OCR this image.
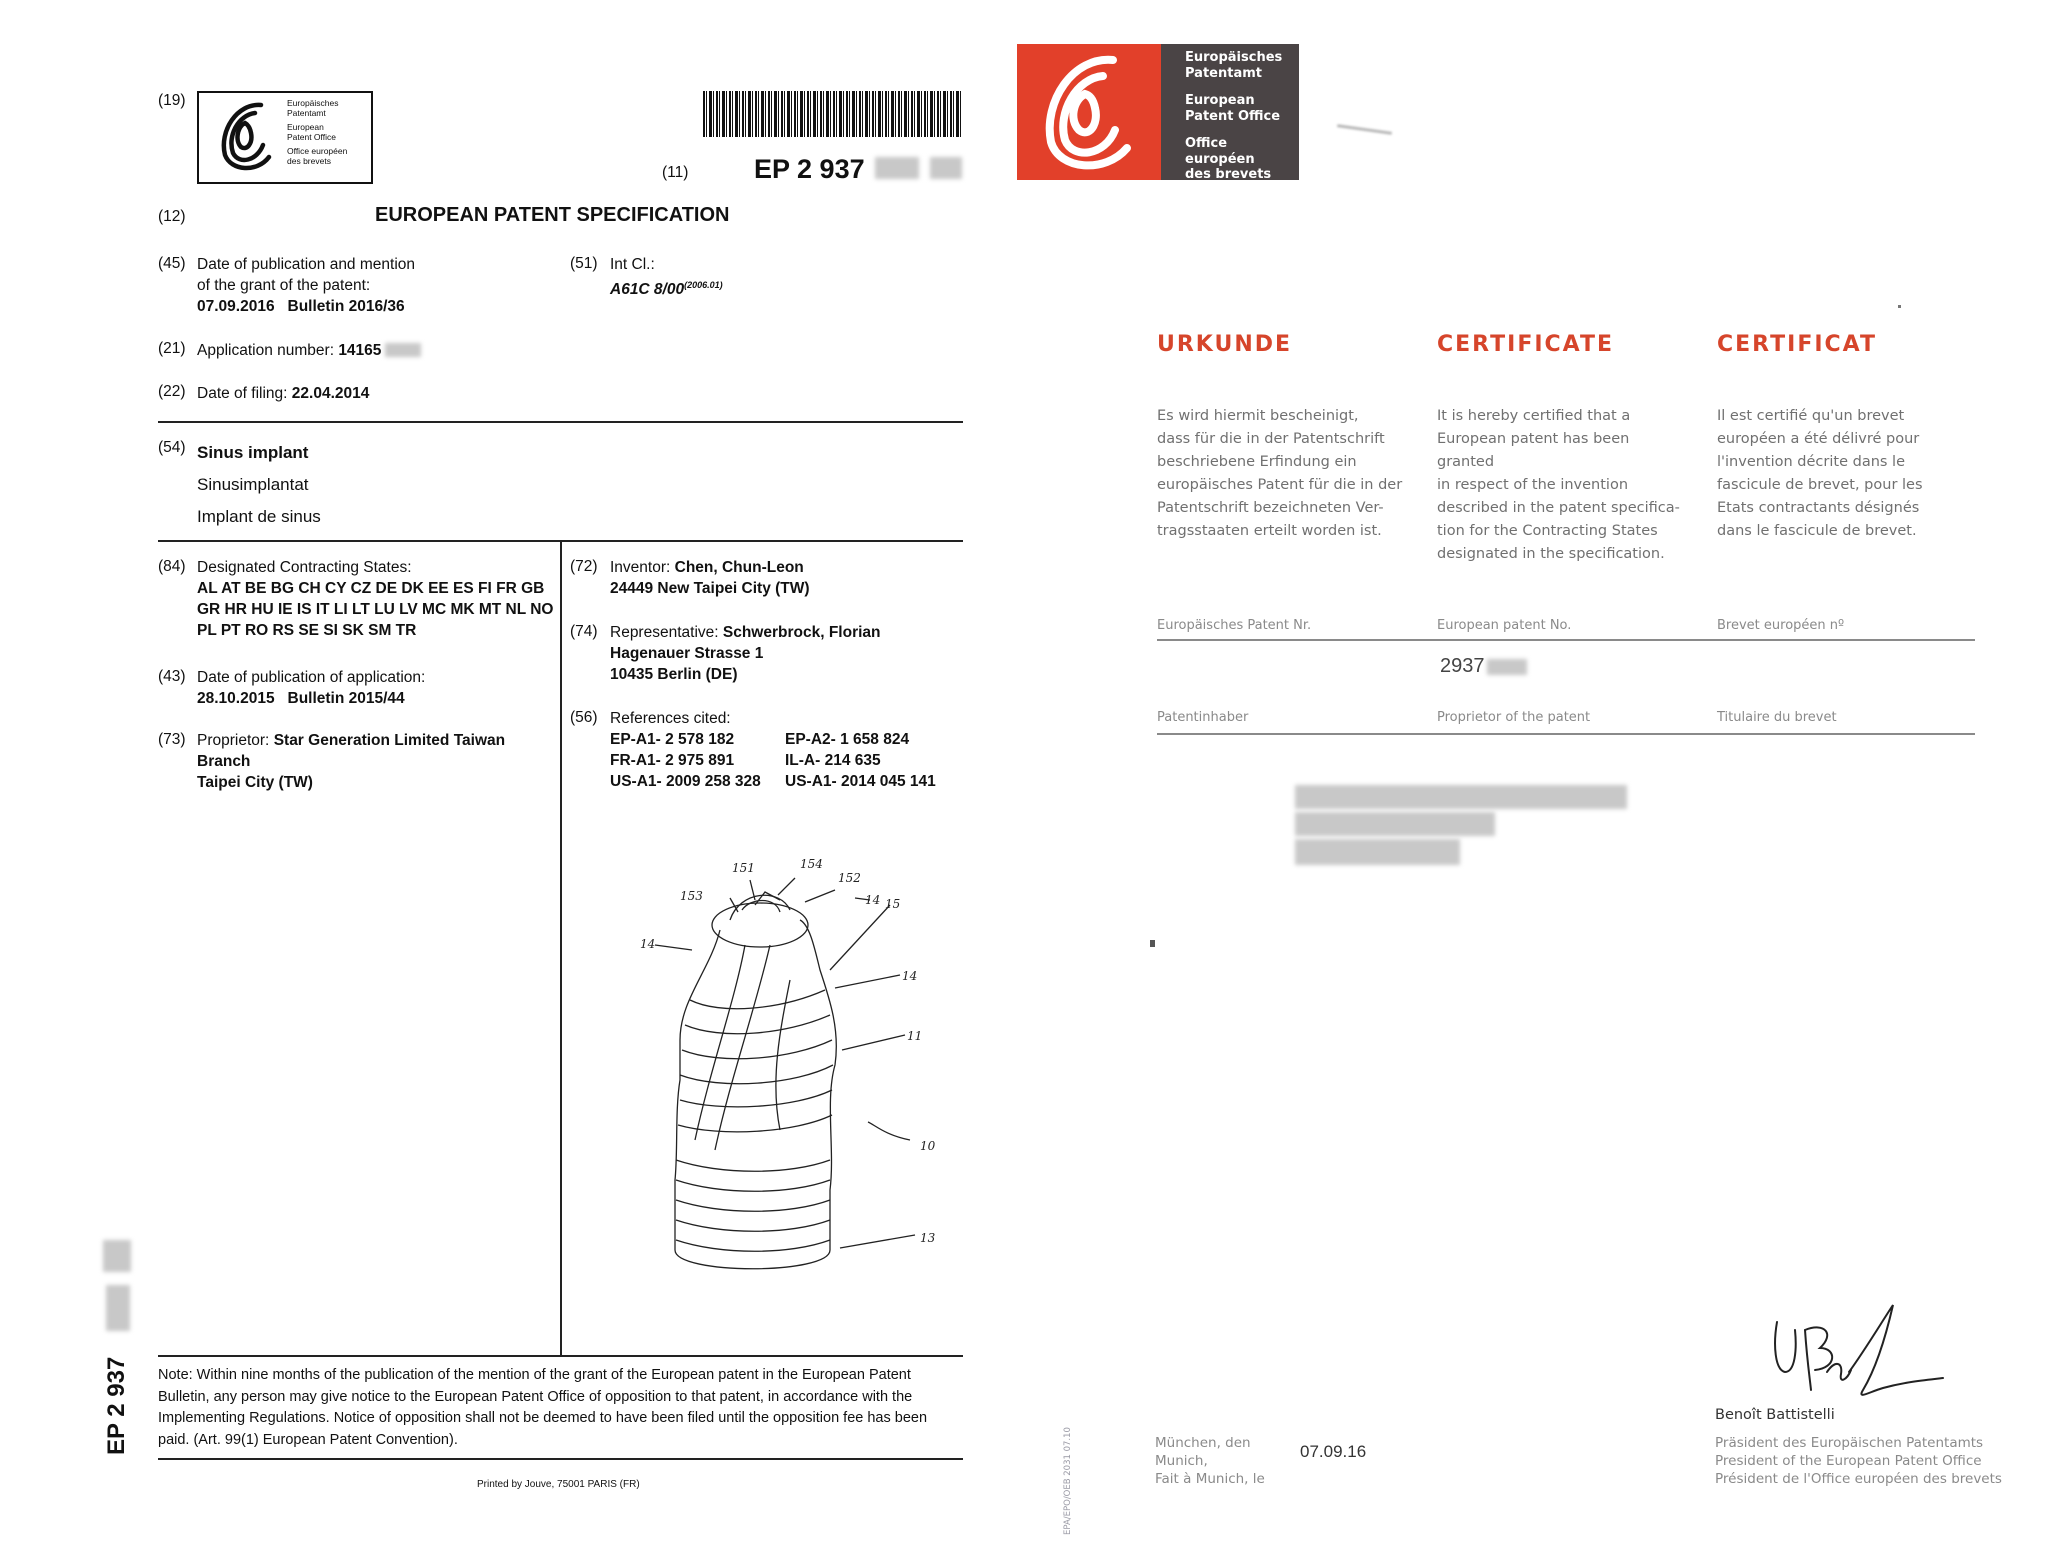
(19)	Europäisches
Patentamt
European
Patent Office
Office européen
des brevets
(11) EP 2 937
(12)	EUROPEAN PATENT SPECIFICATION
(45) Date of publication and mention
of the grant of the patent:
07.09.2016   Bulletin 2016/36
(51) Int Cl.:
A61C $8/00^{(2006.01)}$
(21) Application number: 14165
(22) Date of filing: 22.04.2014
(54) Sinus implant
Sinusimplantat
Implant de sinus
(84) Designated Contracting States:
AL AT BE BG CH CY CZ DE DK EE ES FI FR GB
GR HR HU IE IS IT LI LT LU LV MC MK MT NL NO
PL PT RO RS SE SI SK SM TR
(43) Date of publication of application:
28.10.2015   Bulletin 2015/44
(73) Proprietor: Star Generation Limited Taiwan
Branch
Taipei City (TW)
(72) Inventor: Chen, Chun-Leon
24449 New Taipei City (TW)
(74) Representative: Schwerbrock, Florian
Hagenauer Strasse 1
10435 Berlin (DE)
(56) References cited:
EP-A1- 2 578 182	EP-A2- 1 658 824
FR-A1- 2 975 891	IL-A- 214 635
US-A1- 2009 258 328	US-A1- 2014 045 141
151	154
152
153
14
15
14
14
11
10
13
Note: Within nine months of the publication of the mention of the grant of the European patent in the European Patent
Bulletin, any person may give notice to the European Patent Office of opposition to that patent, in accordance with the
Implementing Regulations. Notice of opposition shall not be deemed to have been filed until the opposition fee has been
paid. (Art. 99(1) European Patent Convention).
Printed by Jouve, 75001 PARIS (FR)
EP 2 937
Europäisches
Patentamt
European
Patent Office
Office européen
des brevets
URKUNDE	CERTIFICATE	CERTIFICAT
Es wird hiermit bescheinigt,
dass für die in der Patentschrift
beschriebene Erfindung ein
europäisches Patent für die in der
Patentschrift bezeichneten Ver-
tragsstaaten erteilt worden ist.
It is hereby certified that a
European patent has been granted
in respect of the invention
described in the patent specifica-
tion for the Contracting States
designated in the specification.
Il est certifié qu'un brevet
européen a été délivré pour
l'invention décrite dans le
fascicule de brevet, pour les
Etats contractants désignés
dans le fascicule de brevet.
Europäisches Patent Nr.	European patent No.	Brevet européen nº
2937
Patentinhaber	Proprietor of the patent	Titulaire du brevet
München, den
Munich,
Fait à Munich, le
07.09.16
Benoît Battistelli
Präsident des Europäischen Patentamts
President of the European Patent Office
Président de l'Office européen des brevets
EPA/EPO/OEB 2031 07.10
